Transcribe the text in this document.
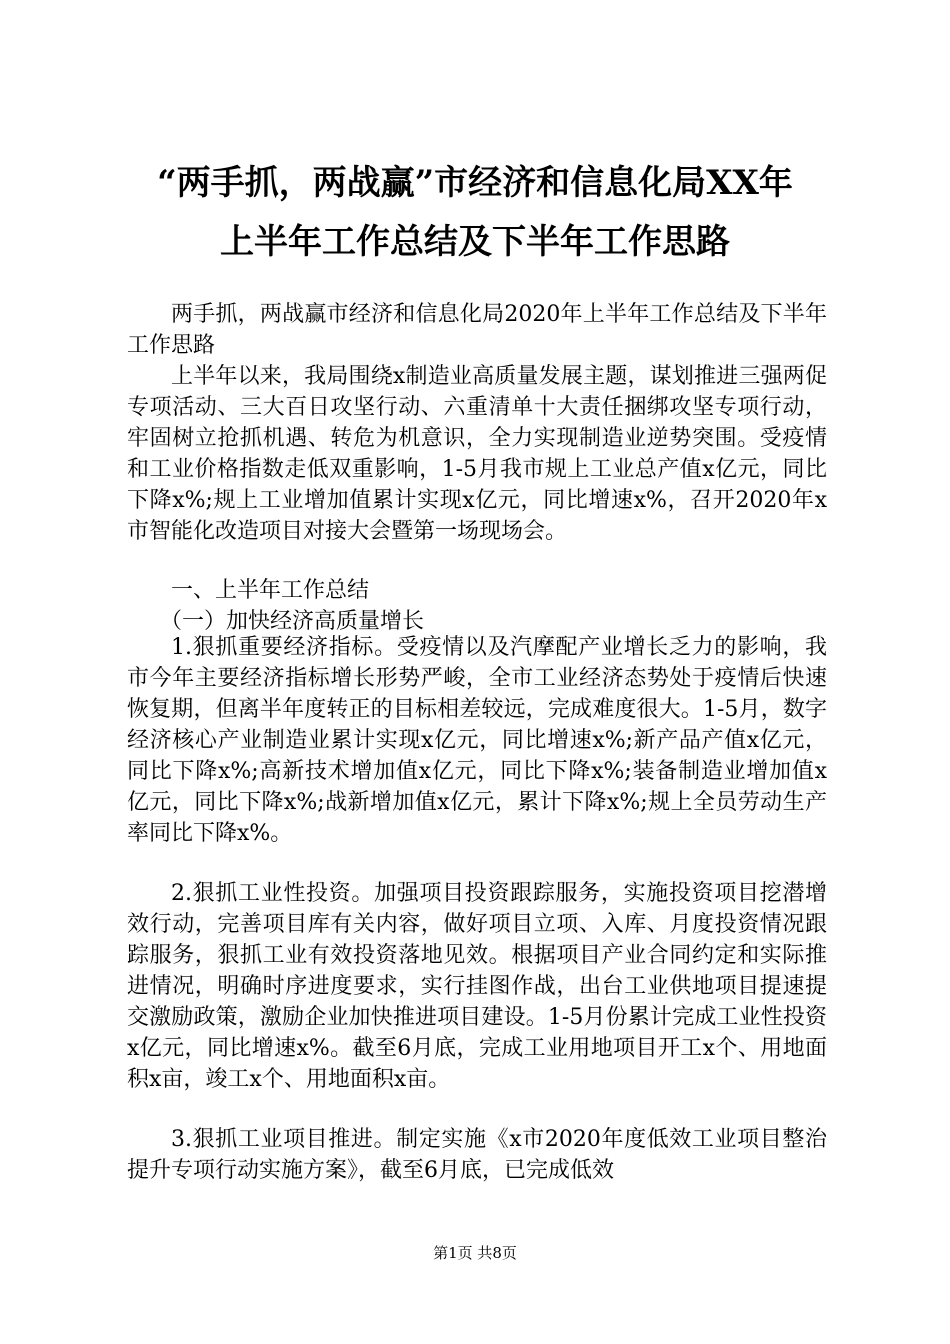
“两手抓，两战赢”市经济和信息化局XX年
上半年工作总结及下半年工作思路

两手抓，两战赢市经济和信息化局2020年上半年工作总结及下半年工作思路

上半年以来，我局围绕x制造业高质量发展主题，谋划推进三强两促专项活动、三大百日攻坚行动、六重清单十大责任捆绑攻坚专项行动，牢固树立抢抓机遇、转危为机意识，全力实现制造业逆势突围。受疫情和工业价格指数走低双重影响，1-5月我市规上工业总产值x亿元，同比下降x%;规上工业增加值累计实现x亿元，同比增速x%，召开2020年x市智能化改造项目对接大会暨第一场现场会。

一、上半年工作总结

（一）加快经济高质量增长

1.狠抓重要经济指标。受疫情以及汽摩配产业增长乏力的影响，我市今年主要经济指标增长形势严峻，全市工业经济态势处于疫情后快速恢复期，但离半年度转正的目标相差较远，完成难度很大。1-5月，数字经济核心产业制造业累计实现x亿元，同比增速x%;新产品产值x亿元，同比下降x%;高新技术增加值x亿元，同比下降x%;装备制造业增加值x亿元，同比下降x%;战新增加值x亿元，累计下降x%;规上全员劳动生产率同比下降x%。

2.狠抓工业性投资。加强项目投资跟踪服务，实施投资项目挖潜增效行动，完善项目库有关内容，做好项目立项、入库、月度投资情况跟踪服务，狠抓工业有效投资落地见效。根据项目产业合同约定和实际推进情况，明确时序进度要求，实行挂图作战，出台工业供地项目提速提交激励政策，激励企业加快推进项目建设。1-5月份累计完成工业性投资x亿元，同比增速x%。截至6月底，完成工业用地项目开工x个、用地面积x亩，竣工x个、用地面积x亩。

3.狠抓工业项目推进。制定实施《x市2020年度低效工业项目整治提升专项行动实施方案》，截至6月底，已完成低效

第1页 共8页
